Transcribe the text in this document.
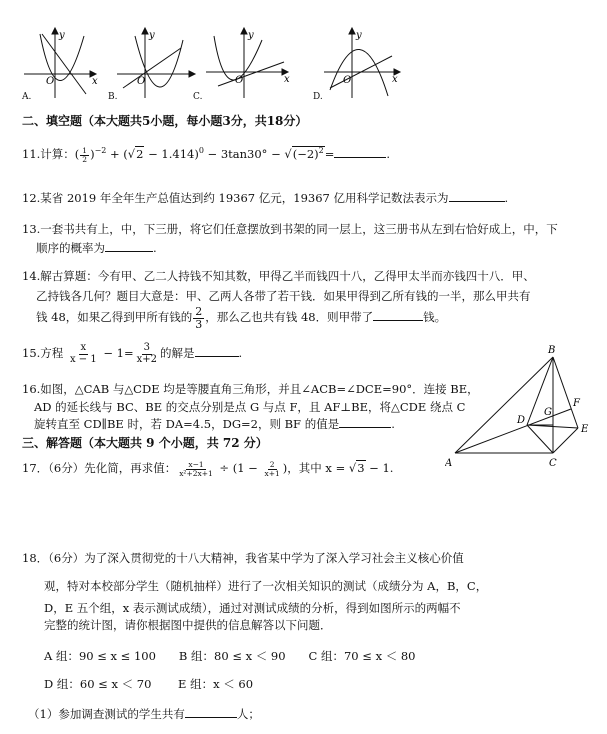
y
x
O
y
O
y
x
O
y
x
O
A.	B.	C.	D.
二、填空题（本大题共5小题，每小题3分，共18分）
11.计算：( $\frac{1}{2} )^{-2} + (√2 - 1.414)^0 - 3\tan 30^\circ - √(-2)^2=$	.
12.某省 2019 年全年生产总值达到约 19367 亿元，19367 亿用科学记数法表示为	.
13.一套书共有上，中，下三册，将它们任意摆放到书架的同一层上，这三册书从左到右恰好成上，中，下
顺序的概率为	.
14.解古算题：今有甲、乙二人持钱不知其数，甲得乙半而钱四十八，乙得甲太半而亦钱四十八．甲、
乙持钱各几何？题目大意是：甲、乙两人各带了若干钱．如果甲得到乙所有钱的一半，那么甲共有
钱 48，如果乙得到甲所有钱的 $\frac{2}{3}$ ，那么乙也共有钱 48．则甲带了	钱。
15.方程 $\frac{x}{x - 1} - 1= \frac{3}{x+2}$ 的解是	.
16.如图，△CAB 与△CDE 均是等腰直角三角形，并且∠ACB=∠DCE=90°．连接 BE，
AD 的延长线与 BC、BE 的交点分别是点 G 与点 F，且 AF⊥BE，将△CDE 绕点 C
旋转直至 CD∥BE 时，若 DA=4.5，DG=2，则 BF 的值是	.
A
B
C
D
E
F
G
三、解答题（本大题共 9 个小题，共 72 分）
17．（6分）先化简，再求值： $\frac{x-1}{\text{x²+2x+1}} \div (1 - \frac{2}{x+1}$ )，其中 x = √3 − 1.
18．（6分）为了深入贯彻党的十八大精神，我省某中学为了深入学习社会主义核心价值
观，特对本校部分学生（随机抽样）进行了一次相关知识的测试（成绩分为 A，B，C，
D，E 五个组，x 表示测试成绩），通过对测试成绩的分析，得到如图所示的两幅不
完整的统计图，请你根据图中提供的信息解答以下问题．
A 组：90 ≤ x ≤ 100　　B 组：80 ≤ x ＜ 90　　C 组：70 ≤ x ＜ 80
D 组：60 ≤ x ＜ 70　　 E 组：x ＜ 60
（1）参加调查测试的学生共有	人；
